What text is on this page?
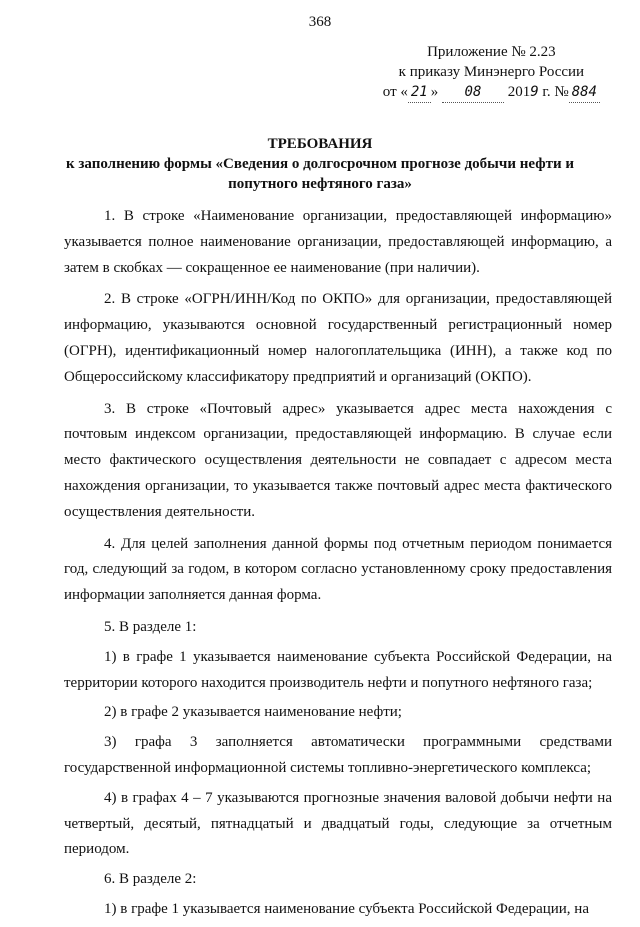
368
Приложение № 2.23
к приказу Минэнерго России
от « 21 » 08 2019 г. № 884
ТРЕБОВАНИЯ
к заполнению формы «Сведения о долгосрочном прогнозе добычи нефти и
попутного нефтяного газа»

1. В строке «Наименование организации, предоставляющей информацию» указывается полное наименование организации, предоставляющей информацию, а затем в скобках — сокращенное ее наименование (при наличии).

2. В строке «ОГРН/ИНН/Код по ОКПО» для организации, предоставляющей информацию, указываются основной государственный регистрационный номер (ОГРН), идентификационный номер налогоплательщика (ИНН), а также код по Общероссийскому классификатору предприятий и организаций (ОКПО).

3. В строке «Почтовый адрес» указывается адрес места нахождения с почтовым индексом организации, предоставляющей информацию. В случае если место фактического осуществления деятельности не совпадает с адресом места нахождения организации, то указывается также почтовый адрес места фактического осуществления деятельности.

4. Для целей заполнения данной формы под отчетным периодом понимается год, следующий за годом, в котором согласно установленному сроку предоставления информации заполняется данная форма.

5. В разделе 1:

1) в графе 1 указывается наименование субъекта Российской Федерации, на территории которого находится производитель нефти и попутного нефтяного газа;

2) в графе 2 указывается наименование нефти;

3) графа 3 заполняется автоматически программными средствами государственной информационной системы топливно-энергетического комплекса;

4) в графах 4 – 7 указываются прогнозные значения валовой добычи нефти на четвертый, десятый, пятнадцатый и двадцатый годы, следующие за отчетным периодом.

6. В разделе 2:

1) в графе 1 указывается наименование субъекта Российской Федерации, на
